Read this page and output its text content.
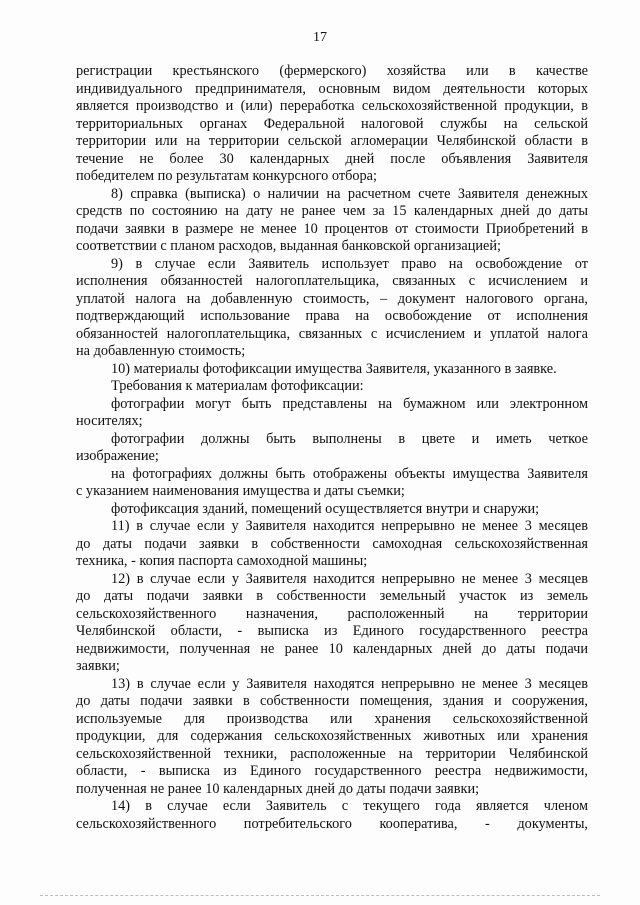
17
регистрации крестьянского (фермерского) хозяйства или в качестве
индивидуального предпринимателя, основным видом деятельности которых
является производство и (или) переработка сельскохозяйственной продукции, в
территориальных органах Федеральной налоговой службы на сельской
территории или на территории сельской агломерации Челябинской области в
течение не более 30 календарных дней после объявления Заявителя
победителем по результатам конкурсного отбора;
8) справка (выписка) о наличии на расчетном счете Заявителя денежных
средств по состоянию на дату не ранее чем за 15 календарных дней до даты
подачи заявки в размере не менее 10 процентов от стоимости Приобретений в
соответствии с планом расходов, выданная банковской организацией;
9) в случае если Заявитель использует право на освобождение от
исполнения обязанностей налогоплательщика, связанных с исчислением и
уплатой налога на добавленную стоимость, – документ налогового органа,
подтверждающий использование права на освобождение от исполнения
обязанностей налогоплательщика, связанных с исчислением и уплатой налога
на добавленную стоимость;
10) материалы фотофиксации имущества Заявителя, указанного в заявке.
Требования к материалам фотофиксации:
фотографии могут быть представлены на бумажном или электронном
носителях;
фотографии должны быть выполнены в цвете и иметь четкое
изображение;
на фотографиях должны быть отображены объекты имущества Заявителя
с указанием наименования имущества и даты съемки;
фотофиксация зданий, помещений осуществляется внутри и снаружи;
11) в случае если у Заявителя находится непрерывно не менее 3 месяцев
до даты подачи заявки в собственности самоходная сельскохозяйственная
техника, - копия паспорта самоходной машины;
12) в случае если у Заявителя находится непрерывно не менее 3 месяцев
до даты подачи заявки в собственности земельный участок из земель
сельскохозяйственного назначения, расположенный на территории
Челябинской области, - выписка из Единого государственного реестра
недвижимости, полученная не ранее 10 календарных дней до даты подачи
заявки;
13) в случае если у Заявителя находятся непрерывно не менее 3 месяцев
до даты подачи заявки в собственности помещения, здания и сооружения,
используемые для производства или хранения сельскохозяйственной
продукции, для содержания сельскохозяйственных животных или хранения
сельскохозяйственной техники, расположенные на территории Челябинской
области, - выписка из Единого государственного реестра недвижимости,
полученная не ранее 10 календарных дней до даты подачи заявки;
14) в случае если Заявитель с текущего года является членом
сельскохозяйственного потребительского кооператива, - документы,
